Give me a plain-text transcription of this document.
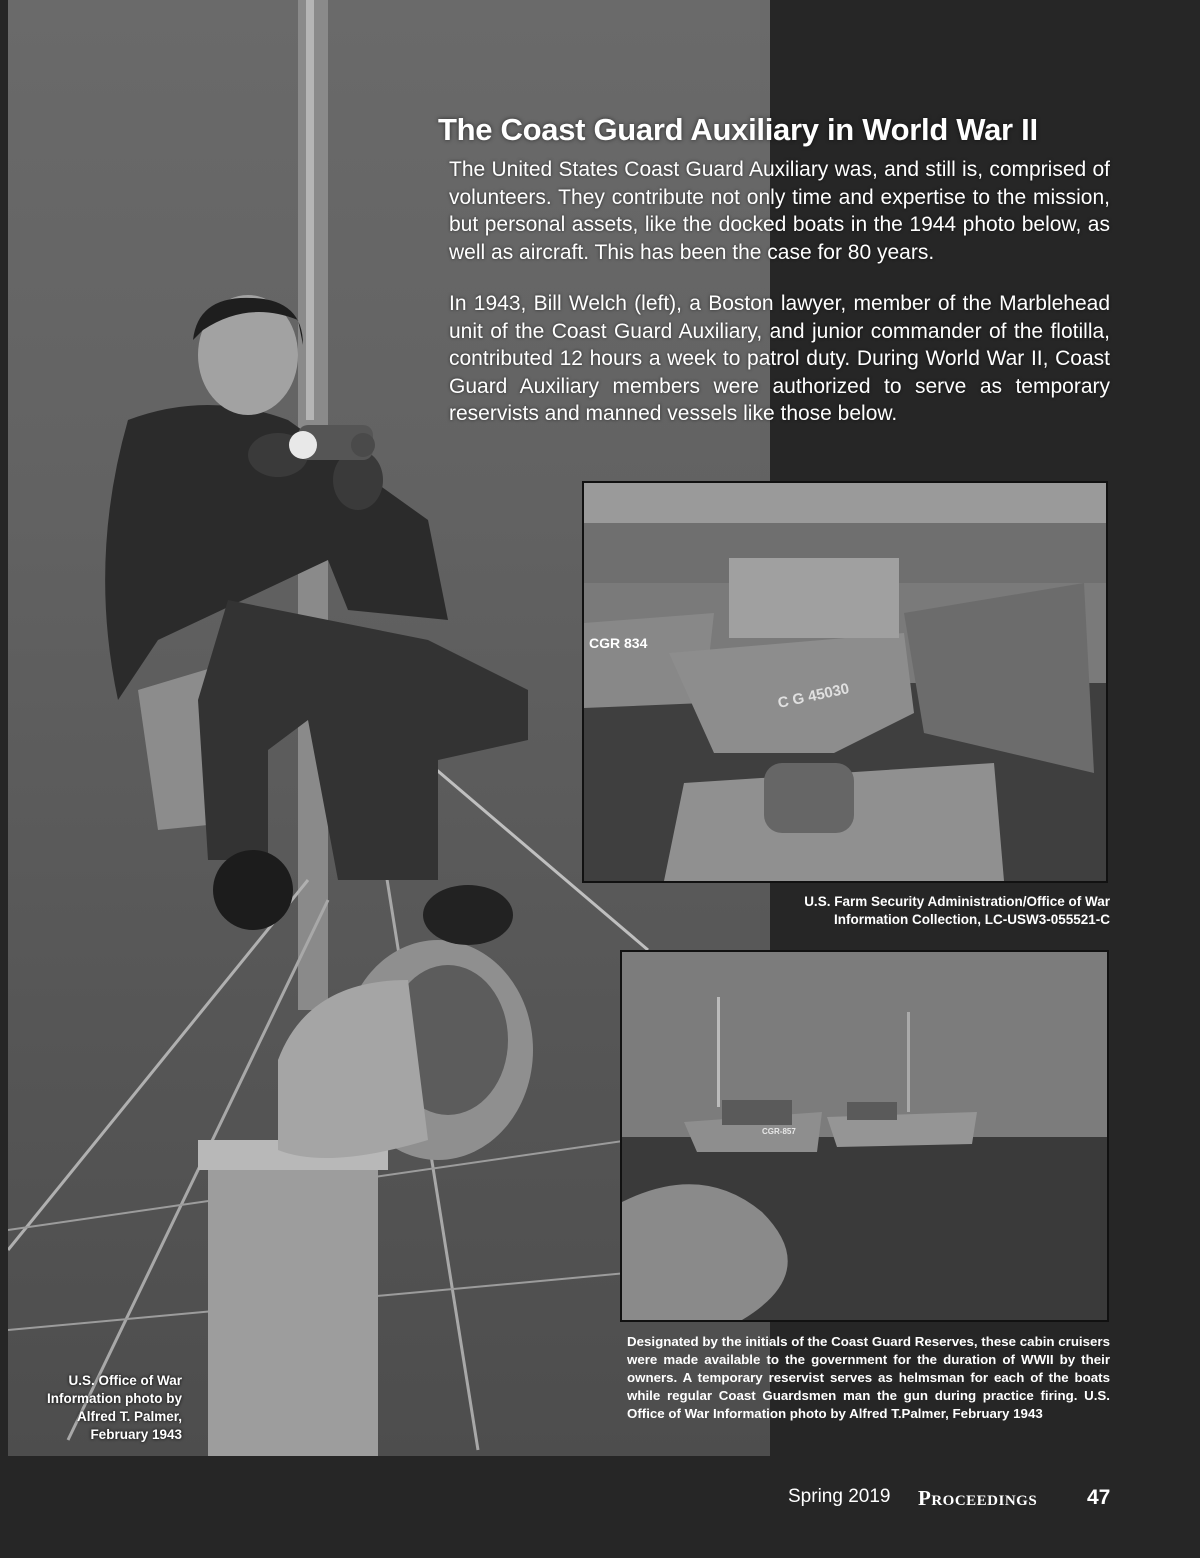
The Coast Guard Auxiliary in World War II

The United States Coast Guard Auxiliary was, and still is, comprised of volunteers. They contribute not only time and expertise to the mission, but personal assets, like the docked boats in the 1944 photo below, as well as aircraft. This has been the case for 80 years.

In 1943, Bill Welch (left), a Boston lawyer, member of the Marblehead unit of the Coast Guard Auxiliary, and junior commander of the flotilla, contributed 12 hours a week to patrol duty. During World War II, Coast Guard Auxiliary members were authorized to serve as temporary reservists and manned vessels like those below.

CGR 834
C G 45030
U.S. Farm Security Administration/Office of War Information Collection, LC-USW3-055521-C
CGR-857
Designated by the initials of the Coast Guard Reserves, these cabin cruisers were made available to the government for the duration of WWII by their owners. A temporary reservist serves as helmsman for each of the boats while regular Coast Guardsmen man the gun during practice firing. U.S. Office of War Information photo by Alfred T.Palmer, February 1943
U.S. Office of War Information photo by Alfred T. Palmer, February 1943
Spring 2019 Proceedings 47
